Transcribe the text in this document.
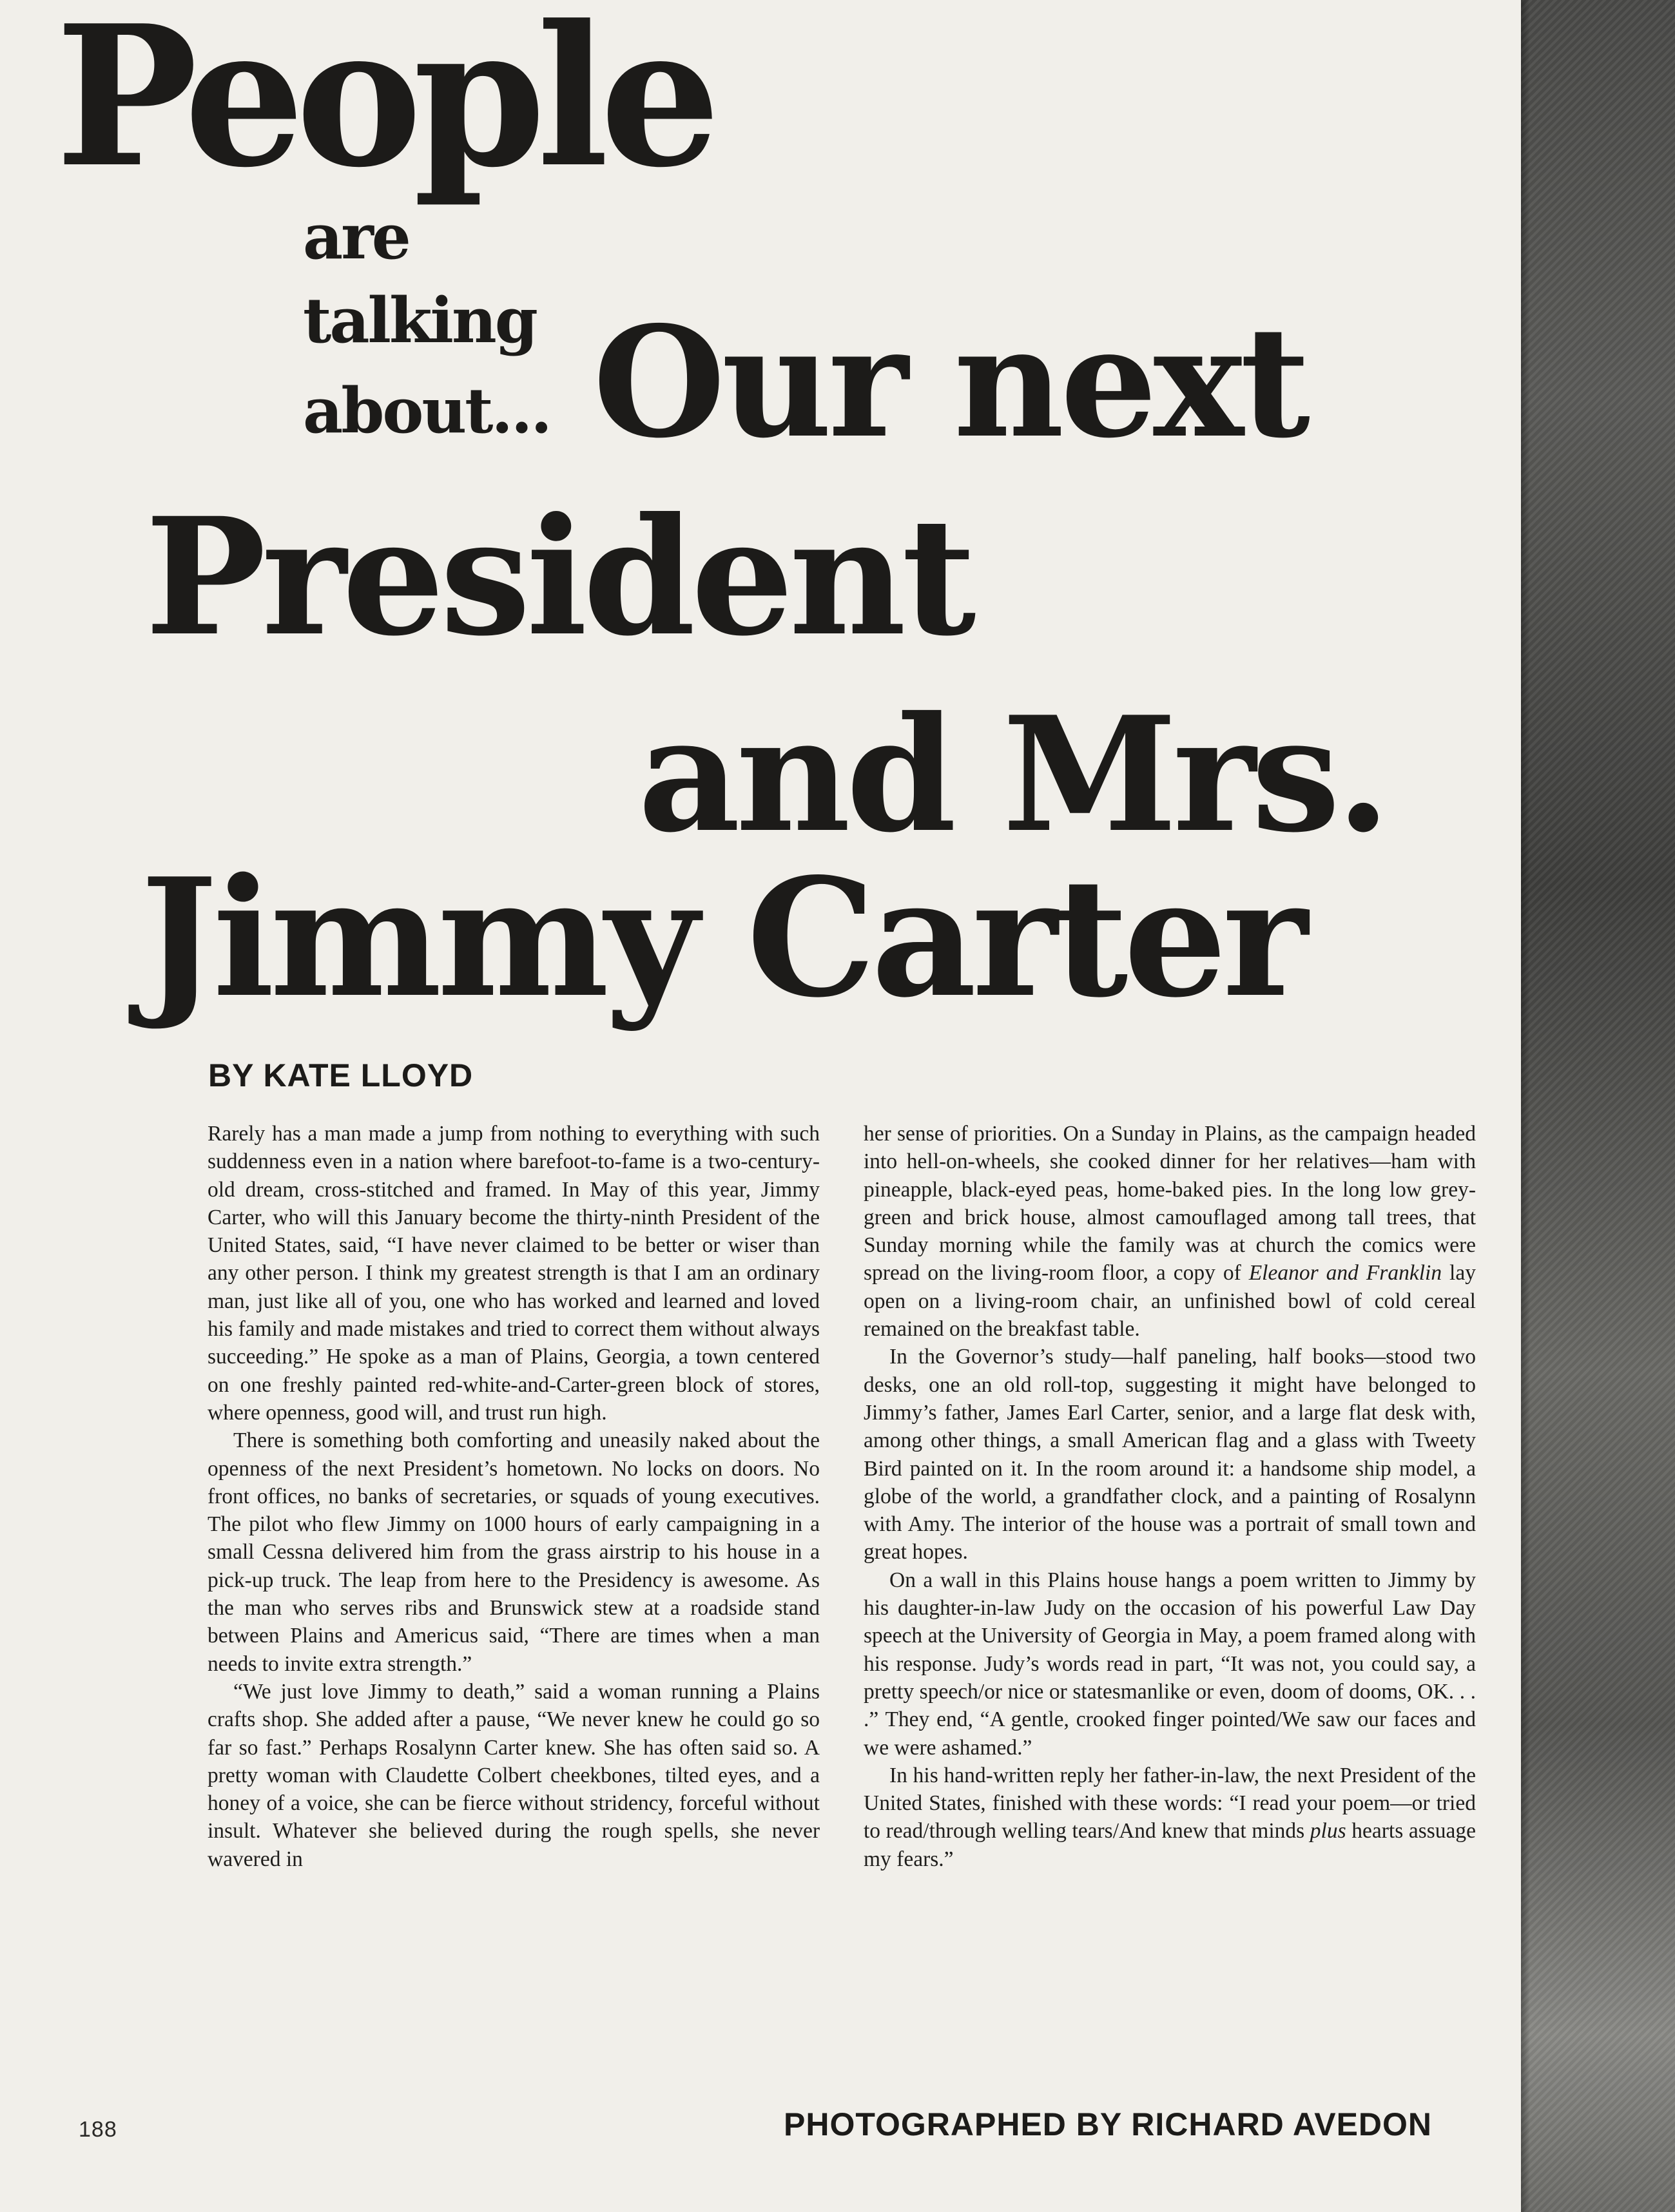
People
are
talking
about... Our next
President
and Mrs.
Jimmy Carter
BY KATE LLOYD

Rarely has a man made a jump from nothing to everything with such suddenness even in a nation where barefoot-to-fame is a two-century-old dream, cross-stitched and framed. In May of this year, Jimmy Carter, who will this January become the thirty-ninth President of the United States, said, “I have never claimed to be better or wiser than any other person. I think my greatest strength is that I am an ordinary man, just like all of you, one who has worked and learned and loved his family and made mistakes and tried to correct them without always succeeding.” He spoke as a man of Plains, Georgia, a town centered on one freshly painted red-white-and-Carter-green block of stores, where openness, good will, and trust run high.

There is something both comforting and uneasily naked about the openness of the next President’s hometown. No locks on doors. No front offices, no banks of secretaries, or squads of young executives. The pilot who flew Jimmy on 1000 hours of early campaigning in a small Cessna delivered him from the grass airstrip to his house in a pick-up truck. The leap from here to the Presidency is awesome. As the man who serves ribs and Brunswick stew at a roadside stand between Plains and Americus said, “There are times when a man needs to invite extra strength.”

“We just love Jimmy to death,” said a woman running a Plains crafts shop. She added after a pause, “We never knew he could go so far so fast.” Perhaps Rosalynn Carter knew. She has often said so. A pretty woman with Claudette Colbert cheekbones, tilted eyes, and a honey of a voice, she can be fierce without stridency, forceful without insult. Whatever she believed during the rough spells, she never wavered in

her sense of priorities. On a Sunday in Plains, as the campaign headed into hell-on-wheels, she cooked dinner for her relatives—ham with pineapple, black-eyed peas, home-baked pies. In the long low grey-green and brick house, almost camouflaged among tall trees, that Sunday morning while the family was at church the comics were spread on the living-room floor, a copy of Eleanor and Franklin lay open on a living-room chair, an unfinished bowl of cold cereal remained on the breakfast table.

In the Governor’s study—half paneling, half books—stood two desks, one an old roll-top, suggesting it might have belonged to Jimmy’s father, James Earl Carter, senior, and a large flat desk with, among other things, a small American flag and a glass with Tweety Bird painted on it. In the room around it: a handsome ship model, a globe of the world, a grandfather clock, and a painting of Rosalynn with Amy. The interior of the house was a portrait of small town and great hopes.

On a wall in this Plains house hangs a poem written to Jimmy by his daughter-in-law Judy on the occasion of his powerful Law Day speech at the University of Georgia in May, a poem framed along with his response. Judy’s words read in part, “It was not, you could say, a pretty speech/or nice or statesmanlike or even, doom of dooms, OK. . . .” They end, “A gentle, crooked finger pointed/We saw our faces and we were ashamed.”

In his hand-written reply her father-in-law, the next President of the United States, finished with these words: “I read your poem—or tried to read/through welling tears/And knew that minds plus hearts assuage my fears.”

188	PHOTOGRAPHED BY RICHARD AVEDON
